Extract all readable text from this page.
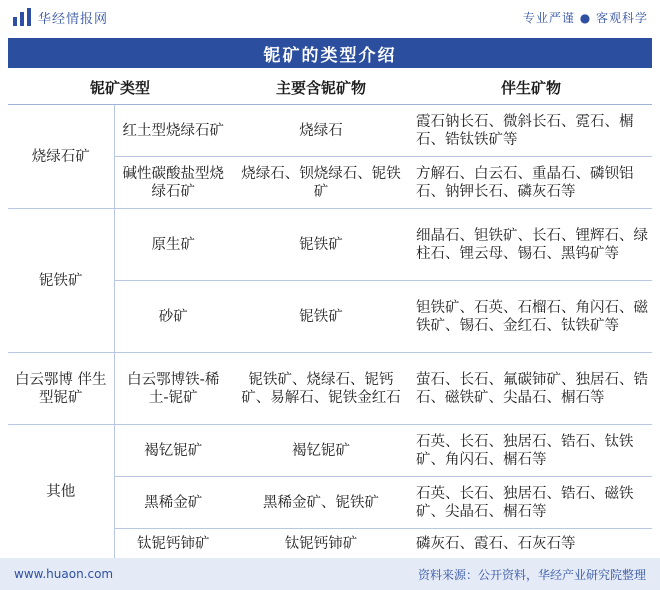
华经情报网	专业严谨 ● 客观科学
铌矿的类型介绍
铌矿类型		主要含铌矿物	伴生矿物
烧绿石矿	红土型烧绿石矿	烧绿石	霞石钠长石、微斜长石、霓石、榍石、锆钛铁矿等
	碱性碳酸盐型烧绿石矿	烧绿石、钡烧绿石、铌铁矿	方解石、白云石、重晶石、磷钡铝石、钠钾长石、磷灰石等
铌铁矿	原生矿	铌铁矿	细晶石、钽铁矿、长石、锂辉石、绿柱石、锂云母、锡石、黑钨矿等
	砂矿	铌铁矿	钽铁矿、石英、石榴石、角闪石、磁铁矿、锡石、金红石、钛铁矿等
白云鄂博 伴生型铌矿	白云鄂博铁-稀土-铌矿	铌铁矿、烧绿石、铌钙矿、易解石、铌铁金红石	萤石、长石、氟碳铈矿、独居石、锆石、磁铁矿、尖晶石、榍石等
其他	褐钇铌矿	褐钇铌矿	石英、长石、独居石、锆石、钛铁矿、角闪石、榍石等
	黑稀金矿	黑稀金矿、铌铁矿	石英、长石、独居石、锆石、磁铁矿、尖晶石、榍石等
	钛铌钙铈矿	钛铌钙铈矿	磷灰石、霞石、石灰石等
www.huaon.com	资料来源：公开资料，华经产业研究院整理
